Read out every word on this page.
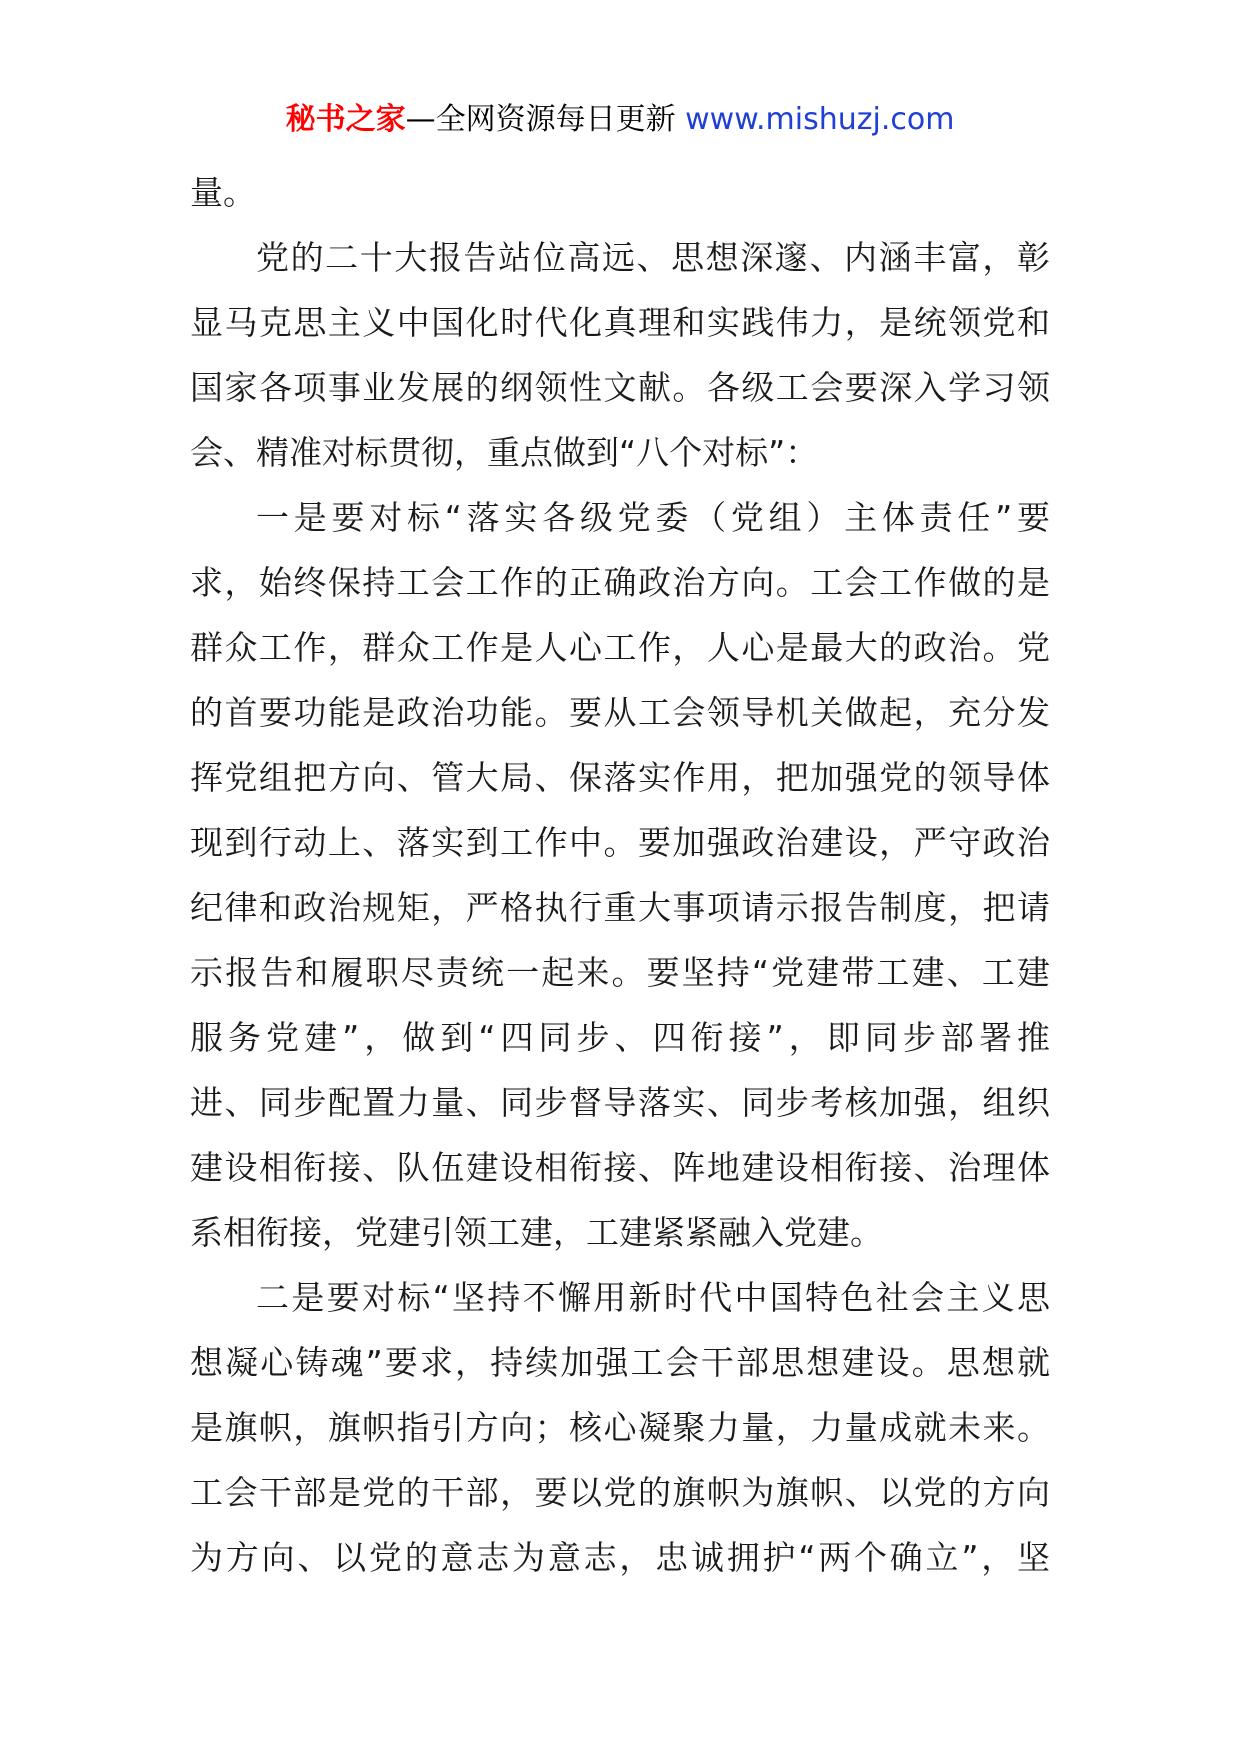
秘书之家—全网资源每日更新 www.mishuzj.com
量。
党的二十大报告站位高远、思想深邃、内涵丰富，彰
显马克思主义中国化时代化真理和实践伟力，是统领党和
国家各项事业发展的纲领性文献。各级工会要深入学习领
会、精准对标贯彻，重点做到“八个对标”：
一是要对标“落实各级党委（党组）主体责任”要
求，始终保持工会工作的正确政治方向。工会工作做的是
群众工作，群众工作是人心工作，人心是最大的政治。党
的首要功能是政治功能。要从工会领导机关做起，充分发
挥党组把方向、管大局、保落实作用，把加强党的领导体
现到行动上、落实到工作中。要加强政治建设，严守政治
纪律和政治规矩，严格执行重大事项请示报告制度，把请
示报告和履职尽责统一起来。要坚持“党建带工建、工建
服务党建”，做到“四同步、四衔接”，即同步部署推
进、同步配置力量、同步督导落实、同步考核加强，组织
建设相衔接、队伍建设相衔接、阵地建设相衔接、治理体
系相衔接，党建引领工建，工建紧紧融入党建。
二是要对标“坚持不懈用新时代中国特色社会主义思
想凝心铸魂”要求，持续加强工会干部思想建设。思想就
是旗帜，旗帜指引方向；核心凝聚力量，力量成就未来。
工会干部是党的干部，要以党的旗帜为旗帜、以党的方向
为方向、以党的意志为意志，忠诚拥护“两个确立”，坚
